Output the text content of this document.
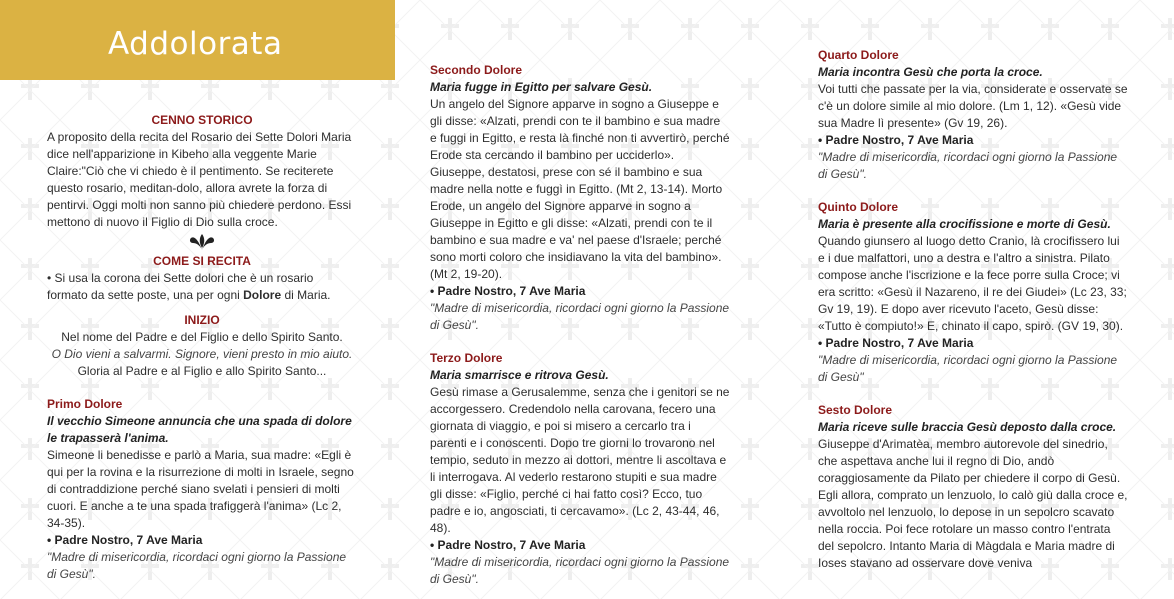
Addolorata
CENNO STORICO

A proposito della recita del Rosario dei Sette Dolori Maria dice nell'apparizione in Kibeho alla veggente Marie Claire:"Ciò che vi chiedo è il pentimento. Se reciterete questo rosario, meditan-dolo, allora avrete la forza di pentirvi. Oggi molti non sanno più chiedere perdono. Essi mettono di nuovo il Figlio di Dio sulla croce.

COME SI RECITA

• Si usa la corona dei Sette dolori che è un rosario formato da sette poste, una per ogni Dolore di Maria.

INIZIO

Nel nome del Padre e del Figlio e dello Spirito Santo.

O Dio vieni a salvarmi. Signore, vieni presto in mio aiuto.

Gloria al Padre e al Figlio e allo Spirito Santo...

Primo Dolore

Il vecchio Simeone annuncia che una spada di dolore le trapasserà l'anima.

Simeone li benedisse e parlò a Maria, sua madre: «Egli è qui per la rovina e la risurrezione di molti in Israele, segno di contraddizione perché siano svelati i pensieri di molti cuori. E anche a te una spada trafiggerà l'anima» (Lc 2, 34-35).

• Padre Nostro, 7 Ave Maria

"Madre di misericordia, ricordaci ogni giorno la Passione di Gesù".

Secondo Dolore

Maria fugge in Egitto per salvare Gesù.

Un angelo del Signore apparve in sogno a Giuseppe e gli disse: «Alzati, prendi con te il bambino e sua madre e fuggi in Egitto, e resta là finché non ti avvertirò, perché Erode sta cercando il bambino per ucciderlo». Giuseppe, destatosi, prese con sé il bambino e sua madre nella notte e fuggì in Egitto. (Mt 2, 13-14). Morto Erode, un angelo del Signore apparve in sogno a Giuseppe in Egitto e gli disse: «Alzati, prendi con te il bambino e sua madre e va' nel paese d'Israele; perché sono morti coloro che insidiavano la vita del bambino». (Mt 2, 19-20).

• Padre Nostro, 7 Ave Maria

"Madre di misericordia, ricordaci ogni giorno la Passione di Gesù".

Terzo Dolore

Maria smarrisce e ritrova Gesù.

Gesù rimase a Gerusalemme, senza che i genitori se ne accorgessero. Credendolo nella carovana, fecero una giornata di viaggio, e poi si misero a cercarlo tra i parenti e i conoscenti. Dopo tre giorni lo trovarono nel tempio, seduto in mezzo ai dottori, mentre li ascoltava e li interrogava. Al vederlo restarono stupiti e sua madre gli disse: «Figlio, perché ci hai fatto così? Ecco, tuo padre e io, angosciati, ti cercavamo». (Lc 2, 43-44, 46, 48).

• Padre Nostro, 7 Ave Maria

"Madre di misericordia, ricordaci ogni giorno la Passione di Gesù".

Quarto Dolore

Maria incontra Gesù che porta la croce.

Voi tutti che passate per la via, considerate e osservate se c'è un dolore simile al mio dolore. (Lm 1, 12). «Gesù vide sua Madre lì presente» (Gv 19, 26).

• Padre Nostro, 7 Ave Maria

"Madre di misericordia, ricordaci ogni giorno la Passione di Gesù".

Quinto Dolore

Maria è presente alla crocifissione e morte di Gesù.

Quando giunsero al luogo detto Cranio, là crocifissero lui e i due malfattori, uno a destra e l'altro a sinistra. Pilato compose anche l'iscrizione e la fece porre sulla Croce; vi era scritto: «Gesù il Nazareno, il re dei Giudei» (Lc 23, 33; Gv 19, 19). E dopo aver ricevuto l'aceto, Gesù disse: «Tutto è compiuto!» E, chinato il capo, spirò. (GV 19, 30).

• Padre Nostro, 7 Ave Maria

"Madre di misericordia, ricordaci ogni giorno la Passione di Gesù"

Sesto Dolore

Maria riceve sulle braccia Gesù deposto dalla croce.

Giuseppe d'Arimatèa, membro autorevole del sinedrio, che aspettava anche lui il regno di Dio, andò coraggiosamente da Pilato per chiedere il corpo di Gesù. Egli allora, comprato un lenzuolo, lo calò giù dalla croce e, avvoltolo nel lenzuolo, lo depose in un sepolcro scavato nella roccia. Poi fece rotolare un masso contro l'entrata del sepolcro. Intanto Maria di Màgdala e Maria madre di Ioses stavano ad osservare dove veniva
